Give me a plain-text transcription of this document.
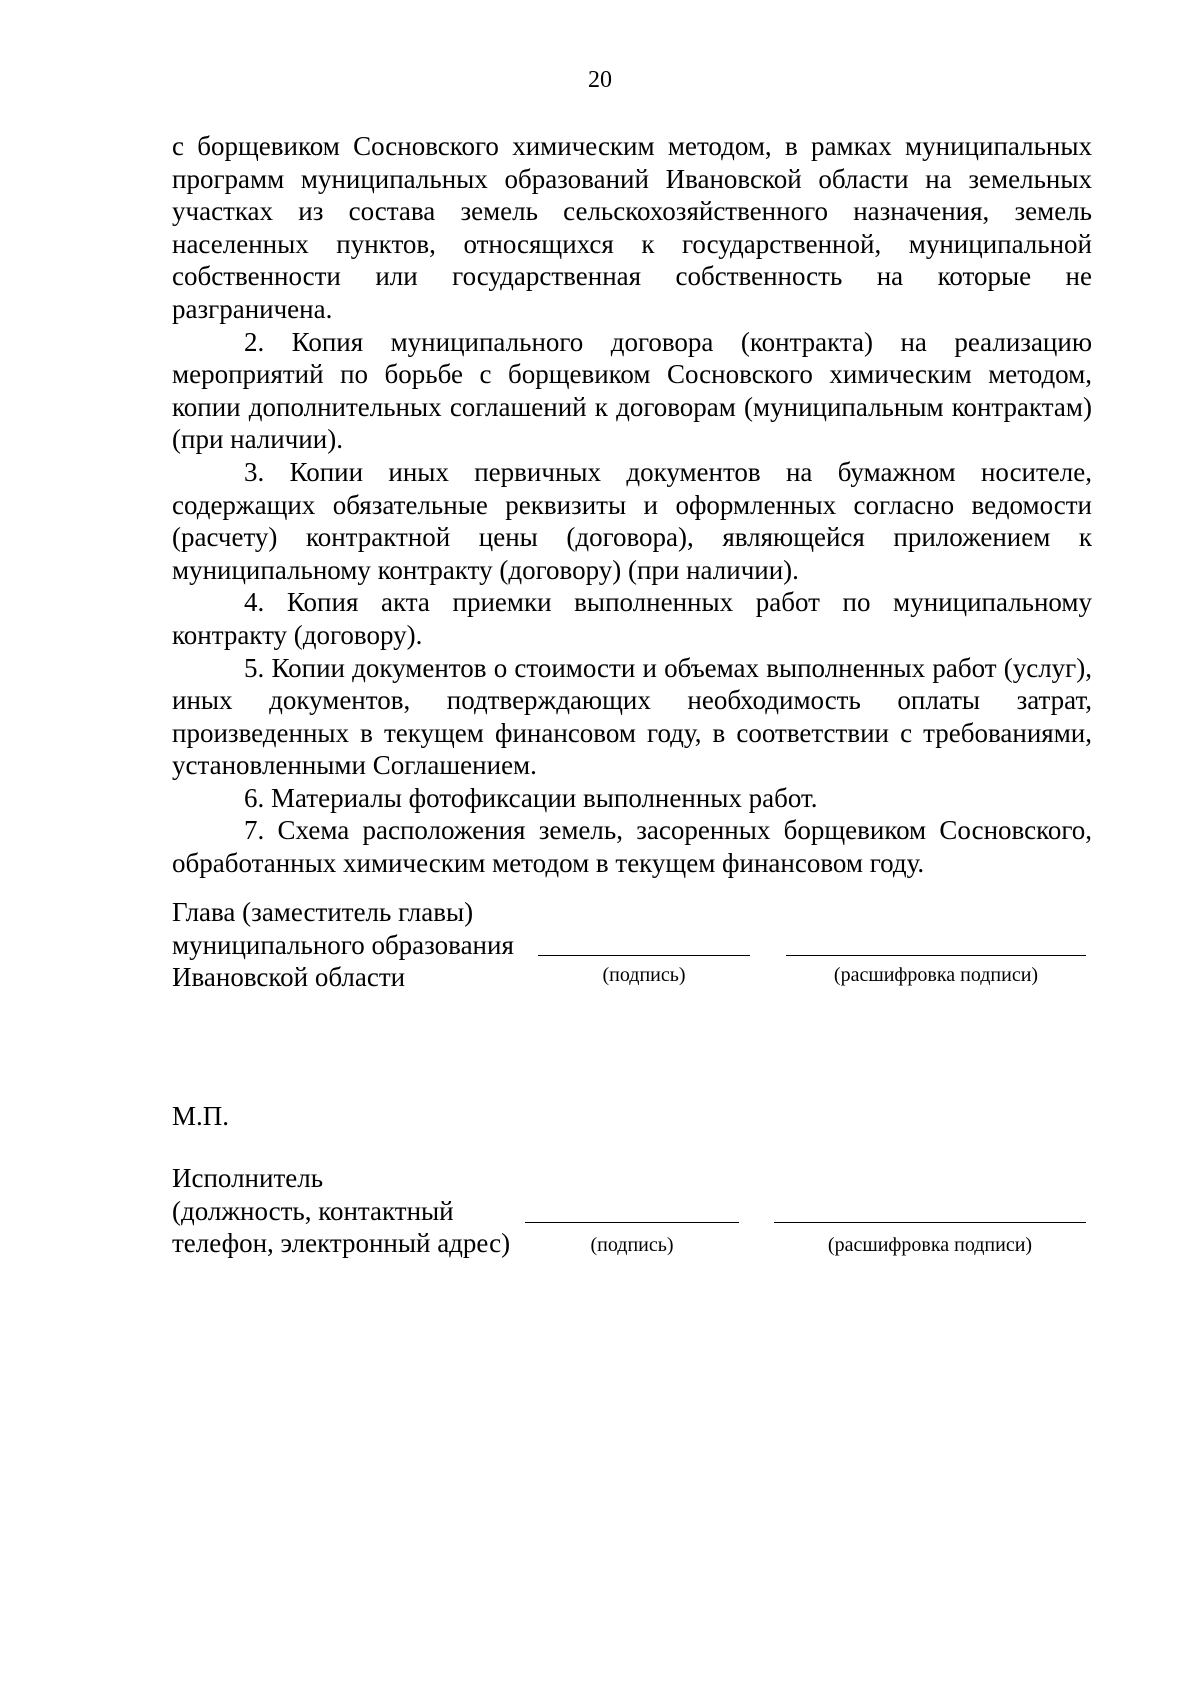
20

с борщевиком Сосновского химическим методом, в рамках муниципальных программ муниципальных образований Ивановской области на земельных участках из состава земель сельскохозяйственного назначения, земель населенных пунктов, относящихся к государственной, муниципальной собственности или государственная собственность на которые не разграничена.

2. Копия муниципального договора (контракта) на реализацию мероприятий по борьбе с борщевиком Сосновского химическим методом, копии дополнительных соглашений к договорам (муниципальным контрактам) (при наличии).

3. Копии иных первичных документов на бумажном носителе, содержащих обязательные реквизиты и оформленных согласно ведомости (расчету) контрактной цены (договора), являющейся приложением к муниципальному контракту (договору) (при наличии).

4. Копия акта приемки выполненных работ по муниципальному контракту (договору).

5. Копии документов о стоимости и объемах выполненных работ (услуг), иных документов, подтверждающих необходимость оплаты затрат, произведенных в текущем финансовом году, в соответствии с требованиями, установленными Соглашением.

6. Материалы фотофиксации выполненных работ.

7. Схема расположения земель, засоренных борщевиком Сосновского, обработанных химическим методом в текущем финансовом году.

Глава (заместитель главы)
муниципального образования
Ивановской области	(подпись)	(расшифровка подписи)
М.П.
Исполнитель
(должность, контактный
телефон, электронный адрес)	(подпись)	(расшифровка подписи)
